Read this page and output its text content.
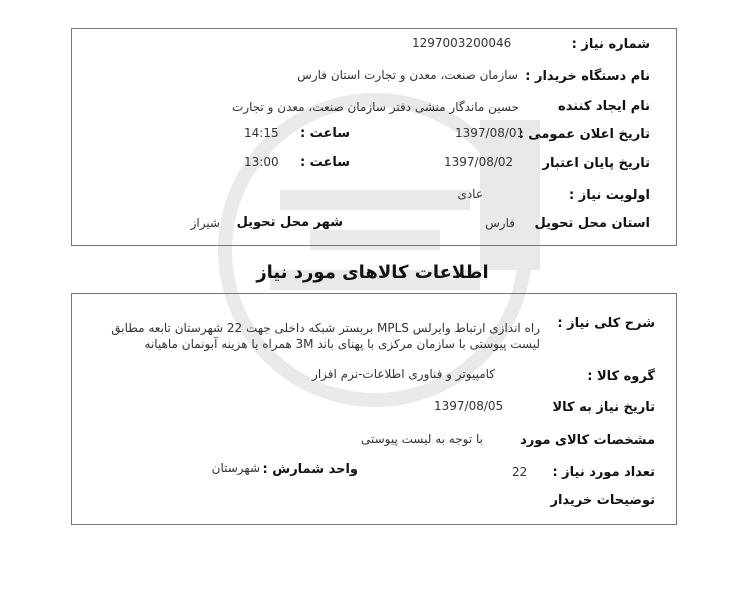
شماره نیاز :
1297003200046
نام دستگاه خریدار :
سازمان صنعت، معدن و تجارت استان فارس
نام ایجاد کننده
حسین ماندگار منشی دفتر سازمان صنعت، معدن و تجارت
تاریخ اعلان عمومی :
1397/08/01
ساعت :
14:15
تاریخ پایان اعتبار
1397/08/02
ساعت :
13:00
اولویت نیاز :
عادی
استان محل تحویل
فارس
شهر محل تحویل
شیراز
اطلاعات کالاهای مورد نیاز
شرح کلی نیاز :
راه اندازی ارتباط وایرلس MPLS بربستر شبکه داخلی جهت 22 شهرستان تابعه مطابق
لیست پیوستی با سازمان مرکزی با پهنای باند 3M همراه با هزینه آبونمان ماهیانه
گروه کالا :
کامپیوتر و فناوری اطلاعات-نرم افزار
تاریخ نیاز به کالا
1397/08/05
مشخصات کالای مورد
با توجه به لیست پیوستی
تعداد مورد نیاز :
22
واحد شمارش :
شهرستان
توضیحات خریدار
